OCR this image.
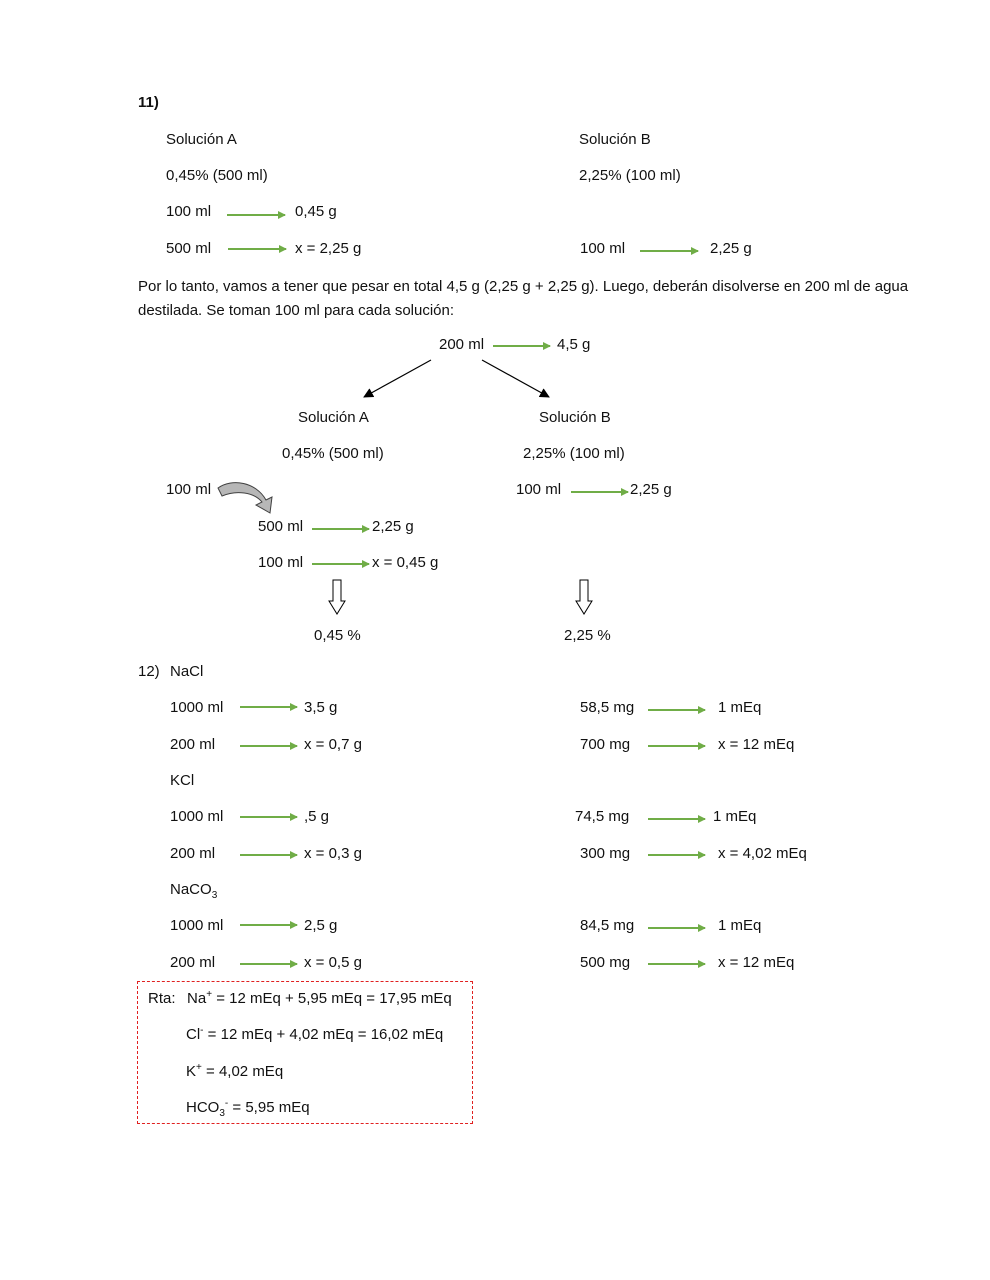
11)
Solución A
0,45% (500 ml)
100 ml	0,45 g
500 ml	x = 2,25 g
Solución B
2,25% (100 ml)
100 ml	2,25 g
Por lo tanto, vamos a tener que pesar en total 4,5 g (2,25 g + 2,25 g). Luego, deberán disolverse en 200 ml de agua destilada. Se toman 100 ml para cada solución:
200 ml	4,5 g
Solución A
0,45% (500 ml)
100 ml
500 ml	2,25 g
100 ml	x = 0,45 g
0,45 %
Solución B
2,25% (100 ml)
100 ml	2,25 g
2,25 %
12) NaCl
1000 ml	3,5 g
200 ml	x = 0,7 g
58,5 mg	1 mEq
700 mg	x = 12 mEq
KCl
1000 ml	,5 g
200 ml	x = 0,3 g
74,5 mg	1 mEq
300 mg	x = 4,02 mEq
NaCO$_3$
1000 ml	2,5 g
200 ml	x = 0,5 g
84,5 mg	1 mEq
500 mg	x = 12 mEq
Rta: Na+ = 12 mEq + 5,95 mEq = 17,95 mEq
Cl- = 12 mEq + 4,02 mEq = 16,02 mEq
K+ = 4,02 mEq
$HCO_3^- = 5,95$ mEq
